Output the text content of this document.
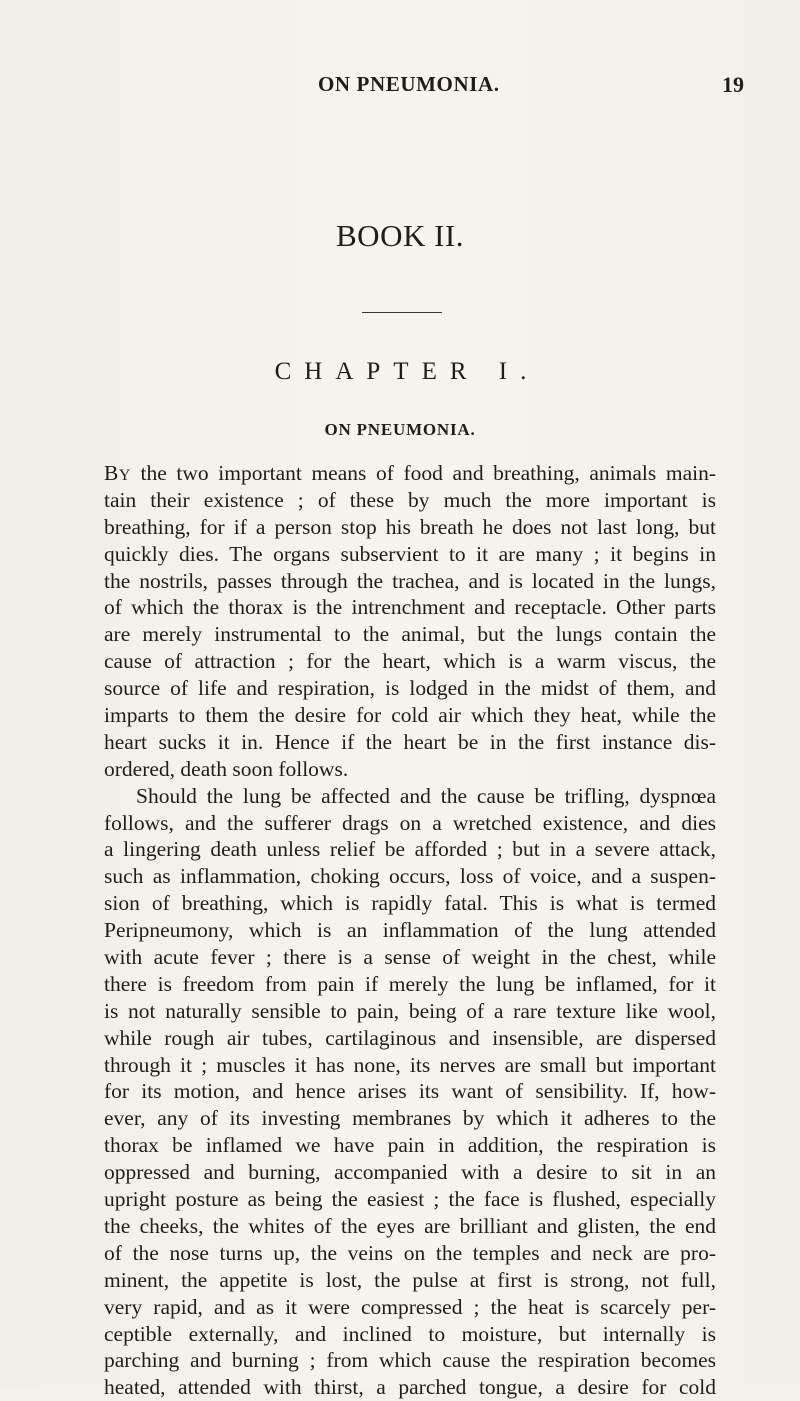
ON PNEUMONIA.	19
BOOK II.
CHAPTER I.
ON PNEUMONIA.
BY the two important means of food and breathing, animals main-
tain their existence ; of these by much the more important is
breathing, for if a person stop his breath he does not last long, but
quickly dies. The organs subservient to it are many ; it begins in
the nostrils, passes through the trachea, and is located in the lungs,
of which the thorax is the intrenchment and receptacle. Other parts
are merely instrumental to the animal, but the lungs contain the
cause of attraction ; for the heart, which is a warm viscus, the
source of life and respiration, is lodged in the midst of them, and
imparts to them the desire for cold air which they heat, while the
heart sucks it in. Hence if the heart be in the first instance dis-
ordered, death soon follows.
Should the lung be affected and the cause be trifling, dyspnœa
follows, and the sufferer drags on a wretched existence, and dies
a lingering death unless relief be afforded ; but in a severe attack,
such as inflammation, choking occurs, loss of voice, and a suspen-
sion of breathing, which is rapidly fatal. This is what is termed
Peripneumony, which is an inflammation of the lung attended
with acute fever ; there is a sense of weight in the chest, while
there is freedom from pain if merely the lung be inflamed, for it
is not naturally sensible to pain, being of a rare texture like wool,
while rough air tubes, cartilaginous and insensible, are dispersed
through it ; muscles it has none, its nerves are small but important
for its motion, and hence arises its want of sensibility. If, how-
ever, any of its investing membranes by which it adheres to the
thorax be inflamed we have pain in addition, the respiration is
oppressed and burning, accompanied with a desire to sit in an
upright posture as being the easiest ; the face is flushed, especially
the cheeks, the whites of the eyes are brilliant and glisten, the end
of the nose turns up, the veins on the temples and neck are pro-
minent, the appetite is lost, the pulse at first is strong, not full,
very rapid, and as it were compressed ; the heat is scarcely per-
ceptible externally, and inclined to moisture, but internally is
parching and burning ; from which cause the respiration becomes
heated, attended with thirst, a parched tongue, a desire for cold
